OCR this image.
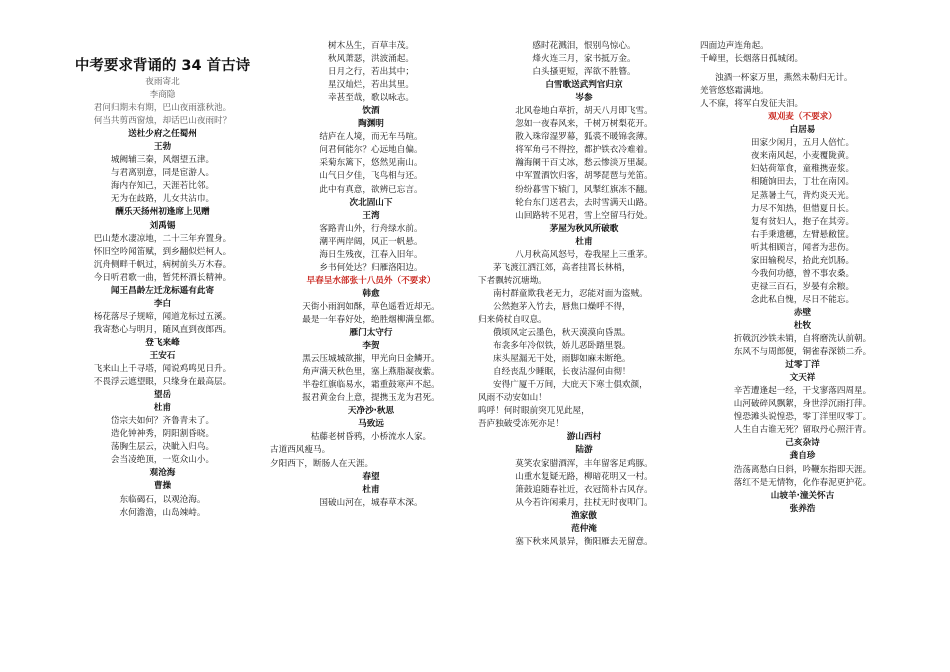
中考要求背诵的 34 首古诗
夜雨寄北
李商隐
君问归期未有期，巴山夜雨涨秋池。
何当共剪西窗烛，却话巴山夜雨时？
送杜少府之任蜀州
王勃
城阙辅三秦，风烟望五津。
与君离别意，同是宦游人。
海内存知己，天涯若比邻。
无为在歧路，儿女共沾巾。
酬乐天扬州初逢席上见赠
刘禹锡
巴山楚水凄凉地，二十三年弃置身。
怀旧空吟闻笛赋，到乡翻似烂柯人。
沉舟侧畔千帆过，病树前头万木春。
今日听君歌一曲，暂凭杯酒长精神。
闻王昌龄左迁龙标遥有此寄
李白
杨花落尽子规啼，闻道龙标过五溪。
我寄愁心与明月，随风直到夜郎西。
登飞来峰
王安石
飞来山上千寻塔，闻说鸡鸣见日升。
不畏浮云遮望眼，只缘身在最高层。
望岳
杜甫
岱宗夫如何？齐鲁青未了。
造化钟神秀，阴阳割昏晓。
荡胸生层云，决眦入归鸟。
会当凌绝顶，一览众山小。
观沧海
曹操
东临碣石，以观沧海。
水何澹澹，山岛竦峙。
树木丛生，百草丰茂。
秋风萧瑟，洪波涌起。
日月之行，若出其中；
星汉灿烂，若出其里。
幸甚至哉，歌以咏志。
饮酒
陶渊明
结庐在人境，而无车马喧。
问君何能尔？心远地自偏。
采菊东篱下，悠然见南山。
山气日夕佳，飞鸟相与还。
此中有真意，欲辨已忘言。
次北固山下
王湾
客路青山外，行舟绿水前。
潮平两岸阔，风正一帆悬。
海日生残夜，江春入旧年。
乡书何处达？归雁洛阳边。
早春呈水部张十八员外（不要求）
韩愈
天街小雨润如酥，草色遥看近却无。
最是一年春好处，绝胜烟柳满皇都。
雁门太守行
李贺
黑云压城城欲摧，甲光向日金鳞开。
角声满天秋色里，塞上燕脂凝夜紫。
半卷红旗临易水，霜重鼓寒声不起。
报君黄金台上意，提携玉龙为君死。
天净沙·秋思
马致远
枯藤老树昏鸦，小桥流水人家。
古道西风瘦马。
夕阳西下，断肠人在天涯。
春望
杜甫
国破山河在，城春草木深。
感时花溅泪，恨别鸟惊心。
烽火连三月，家书抵万金。
白头搔更短，浑欲不胜簪。
白雪歌送武判官归京
岑参
北风卷地白草折，胡天八月即飞雪。
忽如一夜春风来，千树万树梨花开。
散入珠帘湿罗幕，狐裘不暖锦衾薄。
将军角弓不得控，都护铁衣冷难着。
瀚海阑干百丈冰，愁云惨淡万里凝。
中军置酒饮归客，胡琴琵琶与羌笛。
纷纷暮雪下辕门，风掣红旗冻不翻。
轮台东门送君去，去时雪满天山路。
山回路转不见君，雪上空留马行处。
茅屋为秋风所破歌
杜甫
八月秋高风怒号，卷我屋上三重茅。
茅飞渡江洒江郊，高者挂罥长林梢，
下者飘转沉塘坳。
南村群童欺我老无力，忍能对面为盗贼。
公然抱茅入竹去，唇焦口燥呼不得，
归来倚杖自叹息。
俄顷风定云墨色，秋天漠漠向昏黑。
布衾多年冷似铁，娇儿恶卧踏里裂。
床头屋漏无干处，雨脚如麻未断绝。
自经丧乱少睡眠，长夜沾湿何由彻！
安得广厦千万间，大庇天下寒士俱欢颜，
风雨不动安如山！
呜呼！何时眼前突兀见此屋，
吾庐独破受冻死亦足！
游山西村
陆游
莫笑农家腊酒浑，丰年留客足鸡豚。
山重水复疑无路，柳暗花明又一村。
箫鼓追随春社近，衣冠简朴古风存。
从今若许闲乘月，拄杖无时夜叩门。
渔家傲
范仲淹
塞下秋来风景异，衡阳雁去无留意。
四面边声连角起。
千嶂里，长烟落日孤城闭。
浊酒一杯家万里，燕然未勒归无计。
羌管悠悠霜满地。
人不寐，将军白发征夫泪。
观刈麦（不要求）
白居易
田家少闲月，五月人倍忙。
夜来南风起，小麦覆陇黄。
妇姑荷箪食，童稚携壶浆。
相随饷田去，丁壮在南冈。
足蒸暑土气，背灼炎天光。
力尽不知热，但惜夏日长。
复有贫妇人，抱子在其旁。
右手秉遗穗，左臂悬敝筐。
听其相顾言，闻者为悲伤。
家田输税尽，拾此充饥肠。
今我何功德，曾不事农桑。
吏禄三百石，岁晏有余粮。
念此私自愧，尽日不能忘。
赤壁
杜牧
折戟沉沙铁未销，自将磨洗认前朝。
东风不与周郎便，铜雀春深锁二乔。
过零丁洋
文天祥
辛苦遭逢起一经，干戈寥落四周星。
山河破碎风飘絮，身世浮沉雨打萍。
惶恐滩头说惶恐，零丁洋里叹零丁。
人生自古谁无死？留取丹心照汗青。
己亥杂诗
龚自珍
浩荡离愁白日斜，吟鞭东指即天涯。
落红不是无情物，化作春泥更护花。
山坡羊·潼关怀古
张养浩
